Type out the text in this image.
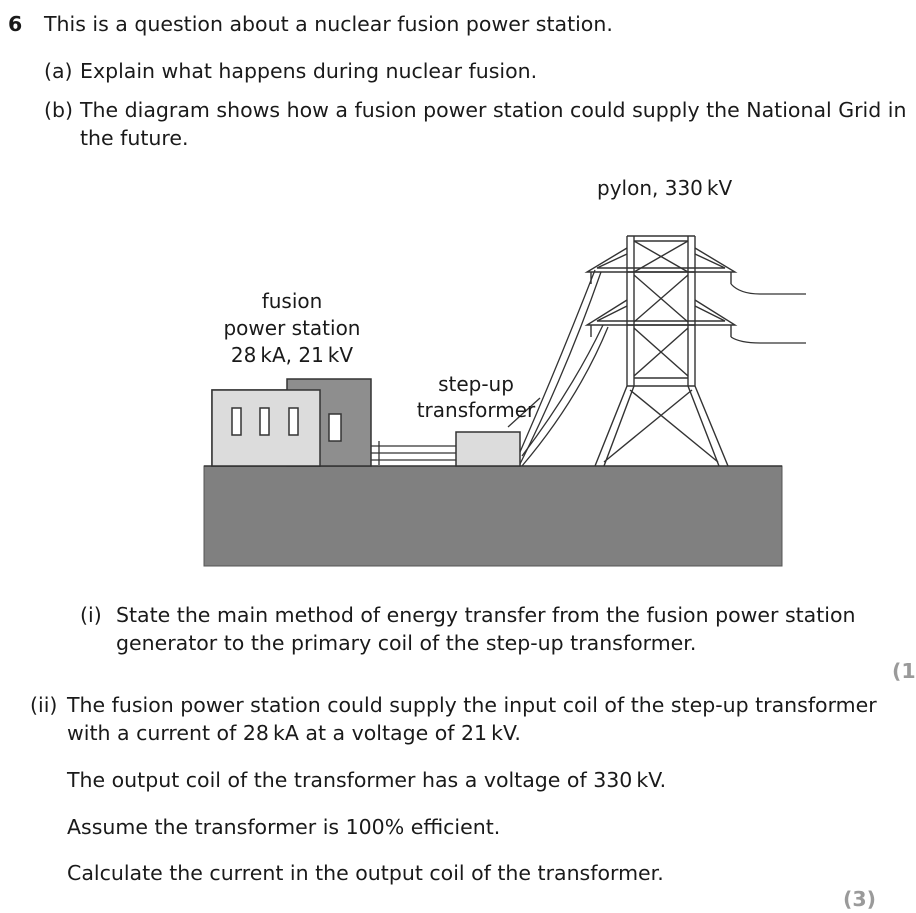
6 This is a question about a nuclear fusion power station.
(a) Explain what happens during nuclear fusion.
(b) The diagram shows how a fusion power station could supply the National Grid in
the future.
pylon, 330 kV
fusion
power station
28 kA, 21 kV
step-up
transformer
(i) State the main method of energy transfer from the fusion power station
generator to the primary coil of the step-up transformer.
(1
(ii) The fusion power station could supply the input coil of the step-up transformer
with a current of 28 kA at a voltage of 21 kV.
The output coil of the transformer has a voltage of 330 kV.
Assume the transformer is 100% efficient.
Calculate the current in the output coil of the transformer.
(3)
